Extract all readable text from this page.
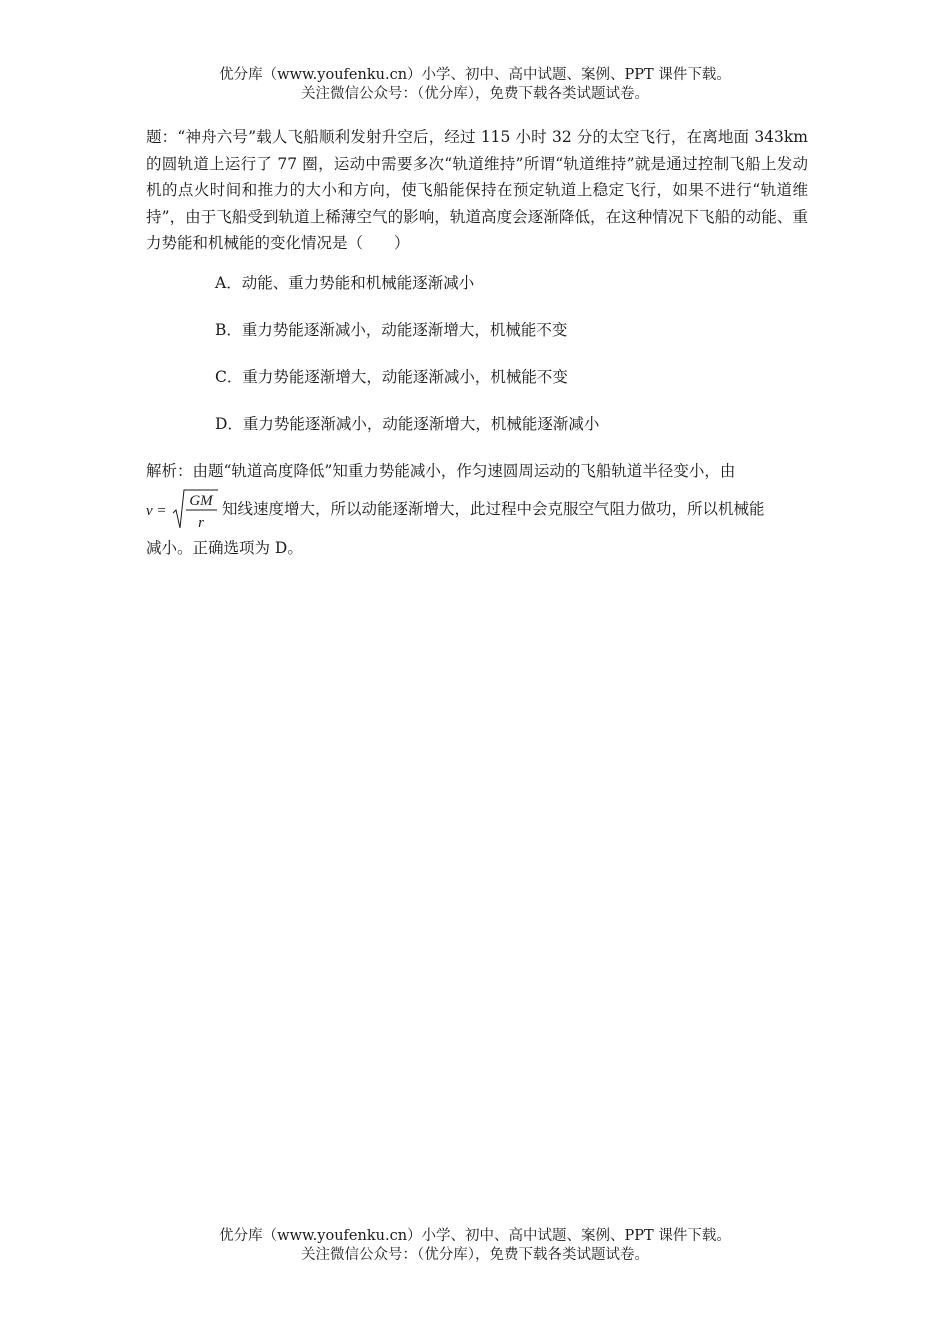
优分库（www.youfenku.cn）小学、初中、高中试题、案例、PPT 课件下载。
关注微信公众号：（优分库），免费下载各类试题试卷。
题：“神舟六号”载人飞船顺利发射升空后，经过 115 小时 32 分的太空飞行，在离地面 343km 的圆轨道上运行了 77 圈，运动中需要多次“轨道维持”所谓“轨道维持”就是通过控制飞船上发动机的点火时间和推力的大小和方向，使飞船能保持在预定轨道上稳定飞行，如果不进行“轨道维持”，由于飞船受到轨道上稀薄空气的影响，轨道高度会逐渐降低，在这种情况下飞船的动能、重力势能和机械能的变化情况是（　　）
A．动能、重力势能和机械能逐渐减小
B．重力势能逐渐减小，动能逐渐增大，机械能不变
C．重力势能逐渐增大，动能逐渐减小，机械能不变
D．重力势能逐渐减小，动能逐渐增大，机械能逐渐减小
解析：由题“轨道高度降低”知重力势能减小，作匀速圆周运动的飞船轨道半径变小，由
v =
GM
r
知线速度增大，所以动能逐渐增大，此过程中会克服空气阻力做功，所以机械能
减小。正确选项为 D。
优分库（www.youfenku.cn）小学、初中、高中试题、案例、PPT 课件下载。
关注微信公众号：（优分库），免费下载各类试题试卷。
